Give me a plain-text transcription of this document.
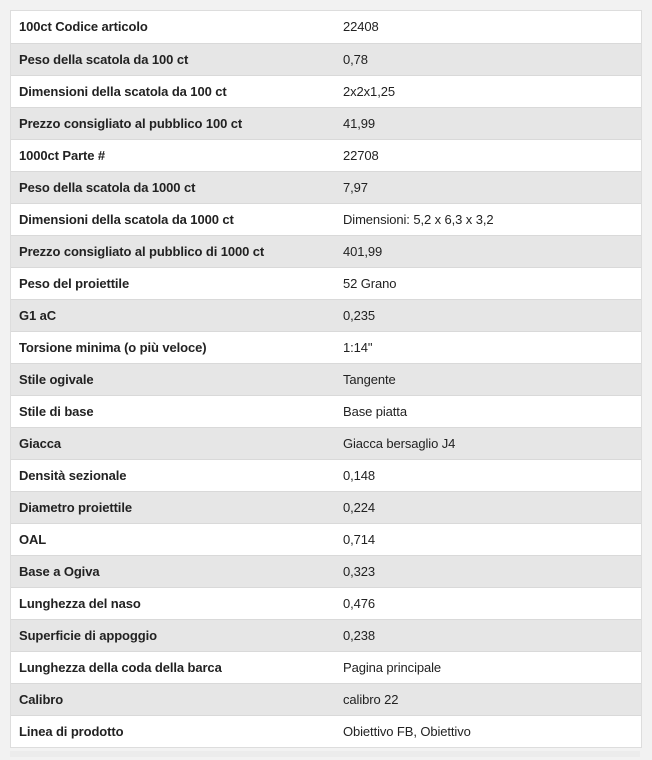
100ct Codice articolo	22408
Peso della scatola da 100 ct	0,78
Dimensioni della scatola da 100 ct	2x2x1,25
Prezzo consigliato al pubblico 100 ct	41,99
1000ct Parte #	22708
Peso della scatola da 1000 ct	7,97
Dimensioni della scatola da 1000 ct	Dimensioni: 5,2 x 6,3 x 3,2
Prezzo consigliato al pubblico di 1000 ct	401,99
Peso del proiettile	52 Grano
G1 aC	0,235
Torsione minima (o più veloce)	1:14"
Stile ogivale	Tangente
Stile di base	Base piatta
Giacca	Giacca bersaglio J4
Densità sezionale	0,148
Diametro proiettile	0,224
OAL	0,714
Base a Ogiva	0,323
Lunghezza del naso	0,476
Superficie di appoggio	0,238
Lunghezza della coda della barca	Pagina principale
Calibro	calibro 22
Linea di prodotto	Obiettivo FB, Obiettivo
